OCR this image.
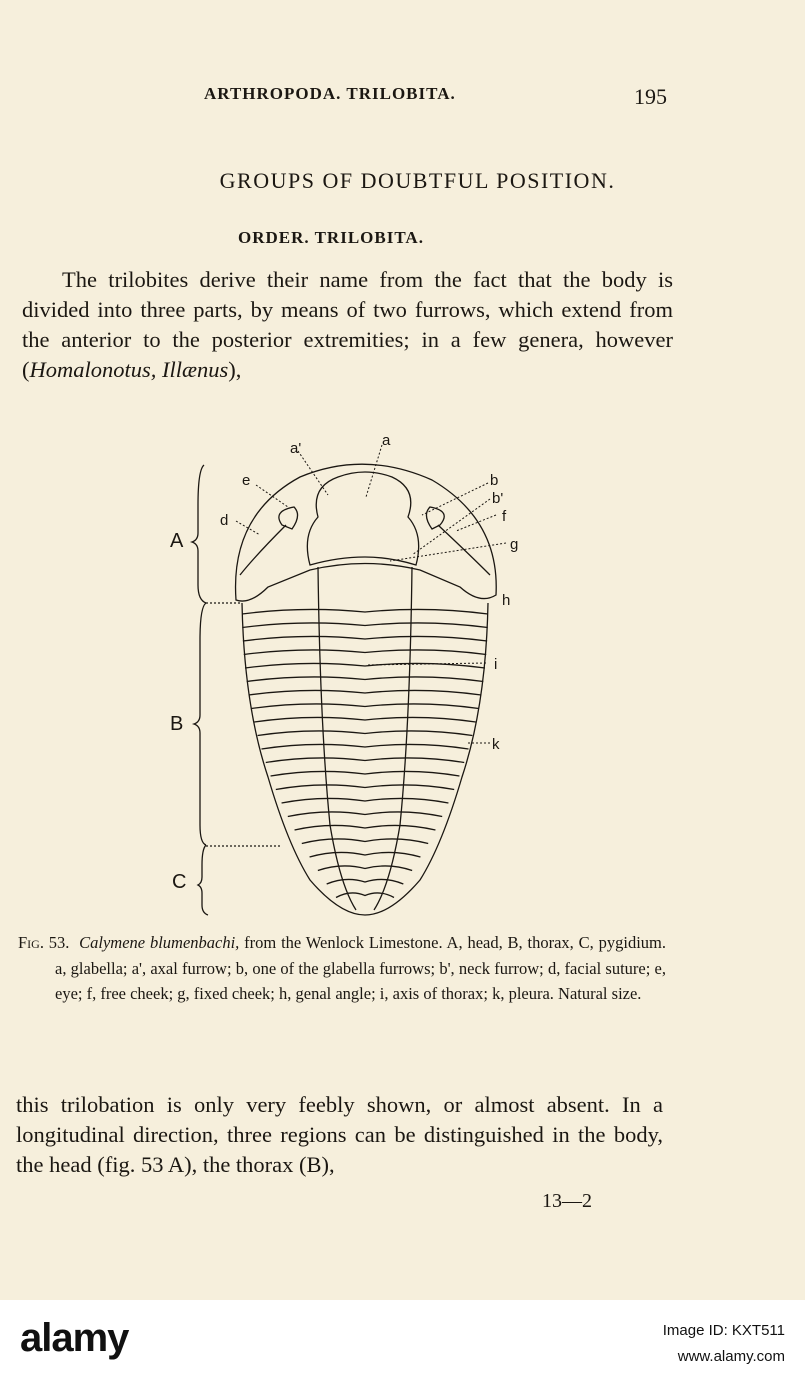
ARTHROPODA. TRILOBITA.	195
GROUPS OF DOUBTFUL POSITION.
ORDER. TRILOBITA.
The trilobites derive their name from the fact that the body is divided into three parts, by means of two furrows, which extend from the anterior to the posterior extremities; in a few genera, however (Homalonotus, Illænus),
A
B
C
a'	a
e
d
b
b'
f
g
h
i
k

Fig. 53. Calymene blumenbachi, from the Wenlock Limestone. A, head, B, thorax, C, pygidium. a, glabella; a', axal furrow; b, one of the glabella furrows; b', neck furrow; d, facial suture; e, eye; f, free cheek; g, fixed cheek; h, genal angle; i, axis of thorax; k, pleura. Natural size.

this trilobation is only very feebly shown, or almost absent. In a longitudinal direction, three regions can be distinguished in the body, the head (fig. 53 A), the thorax (B),
13—2
alamy	Image ID: KXT511
www.alamy.com
